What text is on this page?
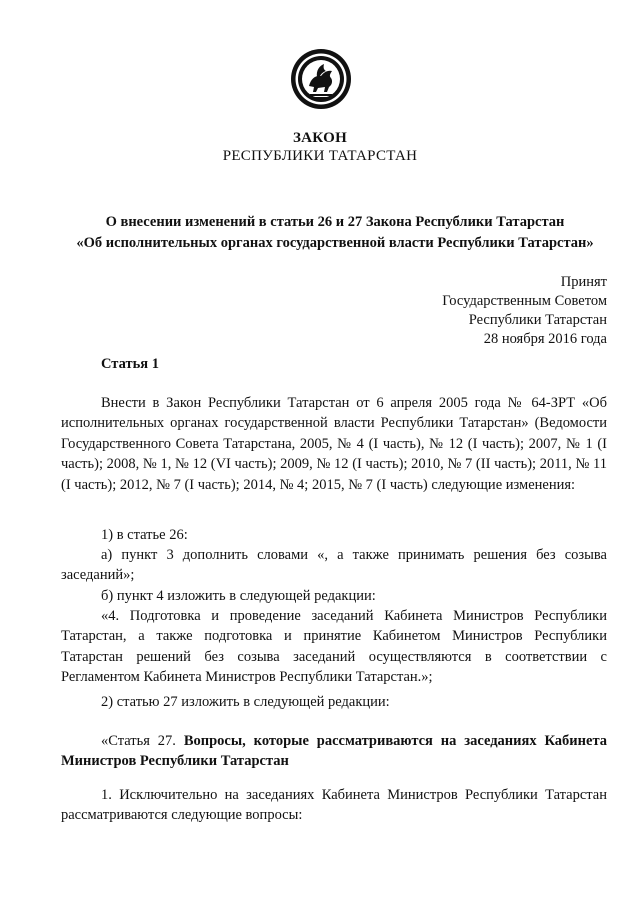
ЗАКОН
РЕСПУБЛИКИ ТАТАРСТАН
О внесении изменений в статьи 26 и 27 Закона Республики Татарстан
«Об исполнительных органах государственной власти Республики Татарстан»
Принят
Государственным Советом
Республики Татарстан
28 ноября 2016 года
Статья 1
Внести в Закон Республики Татарстан от 6 апреля 2005 года № 64-ЗРТ «Об исполнительных органах государственной власти Республики Татарстан» (Ведомости Государственного Совета Татарстана, 2005, № 4 (I часть), № 12 (I часть); 2007, № 1 (I часть); 2008, № 1, № 12 (VI часть); 2009, № 12 (I часть); 2010, № 7 (II часть); 2011, № 11 (I часть); 2012, № 7 (I часть); 2014, № 4; 2015, № 7 (I часть) следующие изменения:
1) в статье 26:
а) пункт 3 дополнить словами «, а также принимать решения без созыва заседаний»;
б) пункт 4 изложить в следующей редакции:
«4. Подготовка и проведение заседаний Кабинета Министров Республики Татарстан, а также подготовка и принятие Кабинетом Министров Республики Татарстан решений без созыва заседаний осуществляются в соответствии с Регламентом Кабинета Министров Республики Татарстан.»;
2) статью 27 изложить в следующей редакции:
«Статья 27. Вопросы, которые рассматриваются на заседаниях Кабинета Министров Республики Татарстан
1. Исключительно на заседаниях Кабинета Министров Республики Татарстан рассматриваются следующие вопросы:
